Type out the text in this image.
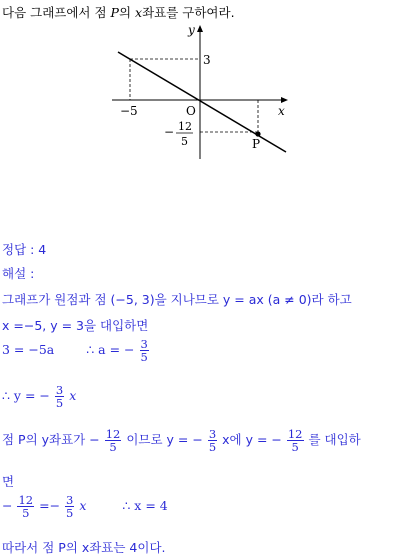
다음 그래프에서 점 P의 x좌표를 구하여라.
y
x
O
3
−5
− 12
5	P
정답 : 4
해설 :
그래프가 원점과 점 (−5, 3)을 지나므로 y = ax (a ≠ 0)라 하고
x =−5, y = 3을 대입하면
3 = −5a	∴ a = − $\frac{3}{5}$
∴ y = − $\frac{3}{5}$ x
점 P의 y좌표가 − $\frac{12}{5}$ 이므로 y = − $\frac{3}{5}$ x에 y = − $\frac{12}{5}$ 를 대입하
면
− $\frac{12}{5} =- \frac{3}{5}$ x	∴ x = 4
따라서 점 P의 x좌표는 4이다.
